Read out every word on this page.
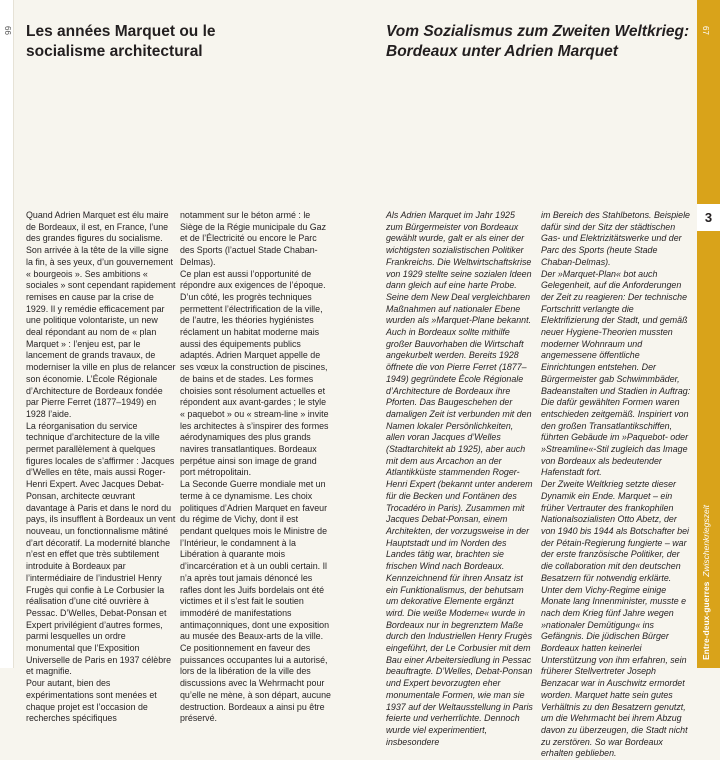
66	67
3
Entre-deux-guerres  Zwischenkriegszeit
Les années Marquet ou le
socialisme architectural
Vom Sozialismus zum Zweiten Weltkrieg:
Bordeaux unter Adrien Marquet

Quand Adrien Marquet est élu maire de Bordeaux, il est, en France, l’une des grandes figures du socialisme. Son arrivée à la tête de la ville signe la fin, à ses yeux, d’un gouvernement « bourgeois ». Ses ambitions « sociales » sont cependant rapidement remises en cause par la crise de 1929. Il y remédie efficacement par une politique volontariste, un new deal répondant au nom de « plan Marquet » : l’enjeu est, par le lancement de grands travaux, de moderniser la ville en plus de relancer son économie. L’École Régionale d’Architecture de Bordeaux fondée par Pierre Ferret (1877–1949) en 1928 l’aide.

La réorganisation du service technique d’architecture de la ville permet parallèlement à quelques figures locales de s’affirmer : Jacques d’Welles en tête, mais aussi Roger-Henri Expert. Avec Jacques Debat-Ponsan, architecte œuvrant davantage à Paris et dans le nord du pays, ils insufflent à Bordeaux un vent nouveau, un fonctionnalisme mâtiné d’art décoratif. La modernité blanche n’est en effet que très subtilement introduite à Bordeaux par l’intermédiaire de l’industriel Henry Frugès qui confie à Le Corbusier la réalisation d’une cité ouvrière à Pessac. D’Welles, Debat-Ponsan et Expert privilégient d’autres formes, parmi lesquelles un ordre monumental que l’Exposition Universelle de Paris en 1937 célèbre et magnifie.

Pour autant, bien des expérimentations sont menées et chaque projet est l’occasion de recherches spécifiques

notamment sur le béton armé : le Siège de la Régie municipale du Gaz et de l’Électricité ou encore le Parc des Sports (l’actuel Stade Chaban-Delmas).

Ce plan est aussi l’opportunité de répondre aux exigences de l’époque. D’un côté, les progrès techniques permettent l’électrification de la ville, de l’autre, les théories hygiénistes réclament un habitat moderne mais aussi des équipements publics adaptés. Adrien Marquet appelle de ses vœux la construction de piscines, de bains et de stades. Les formes choisies sont résolument actuelles et répondent aux avant-gardes ; le style « paquebot » ou « stream-line » invite les architectes à s’inspirer des formes aérodynamiques des plus grands navires transatlantiques. Bordeaux perpétue ainsi son image de grand port métropolitain.

La Seconde Guerre mondiale met un terme à ce dynamisme. Les choix politiques d’Adrien Marquet en faveur du régime de Vichy, dont il est pendant quelques mois le Ministre de l’Intérieur, le condamnent à la Libération à quarante mois d’incarcération et à un oubli certain. Il n’a après tout jamais dénoncé les rafles dont les Juifs bordelais ont été victimes et il s’est fait le soutien immodéré de manifestations antimaçonniques, dont une exposition au musée des Beaux-arts de la ville. Ce positionnement en faveur des puissances occupantes lui a autorisé, lors de la libération de la ville des discussions avec la Wehrmacht pour qu’elle ne mène, à son départ, aucune destruction. Bordeaux a ainsi pu être préservé.

Als Adrien Marquet im Jahr 1925 zum Bürgermeister von Bordeaux gewählt wurde, galt er als einer der wichtigsten sozialistischen Politiker Frankreichs. Die Weltwirtschaftskrise von 1929 stellte seine sozialen Ideen dann gleich auf eine harte Probe. Seine dem New Deal vergleichbaren Maßnahmen auf nationaler Ebene wurden als »Marquet-Plane bekannt. Auch in Bordeaux sollte mithilfe großer Bauvorhaben die Wirtschaft angekurbelt werden. Bereits 1928 öffnete die von Pierre Ferret (1877–1949) gegründete École Régionale d’Architecture de Bordeaux ihre Pforten. Das Baugeschehen der damaligen Zeit ist verbunden mit den Namen lokaler Persönlichkeiten, allen voran Jacques d’Welles (Stadtarchitekt ab 1925), aber auch mit dem aus Arcachon an der Atlantikküste stammenden Roger-Henri Expert (bekannt unter anderem für die Becken und Fontänen des Trocadéro in Paris). Zusammen mit Jacques Debat-Ponsan, einem Architekten, der vorzugsweise in der Hauptstadt und im Norden des Landes tätig war, brachten sie frischen Wind nach Bordeaux. Kennzeichnend für ihren Ansatz ist ein Funktionalismus, der behutsam um dekorative Elemente ergänzt wird. Die weiße Moderne« wurde in Bordeaux nur in begrenztem Maße durch den Industriellen Henry Frugès eingeführt, der Le Corbusier mit dem Bau einer Arbeitersiedlung in Pessac beauftragte. D’Welles, Debat-Ponsan und Expert bevorzugten eher monumentale Formen, wie man sie 1937 auf der Weltausstellung in Paris feierte und verherrlichte. Dennoch wurde viel experimentiert, insbesondere

im Bereich des Stahlbetons. Beispiele dafür sind der Sitz der städtischen Gas- und Elektrizitätswerke und der Parc des Sports (heute Stade Chaban-Delmas).

Der »Marquet-Plan« bot auch Gelegenheit, auf die Anforderungen der Zeit zu reagieren: Der technische Fortschritt verlangte die Elektrifizierung der Stadt, und gemäß neuer Hygiene-Theorien mussten moderner Wohnraum und angemessene öffentliche Einrichtungen entstehen. Der Bürgermeister gab Schwimmbäder, Badeanstalten und Stadien in Auftrag: Die dafür gewählten Formen waren entschieden zeitgemäß. Inspiriert von den großen Transatlantikschiffen, führten Gebäude im »Paquebot- oder »Streamline«-Stil zugleich das Image von Bordeaux als bedeutender Hafenstadt fort.

Der Zweite Weltkrieg setzte dieser Dynamik ein Ende. Marquet – ein früher Vertrauter des frankophilen Nationalsozialisten Otto Abetz, der von 1940 bis 1944 als Botschafter bei der Pétain-Regierung fungierte – war der erste französische Politiker, der die collaboration mit den deutschen Besatzern für notwendig erklärte. Unter dem Vichy-Regime einige Monate lang Innenminister, musste e nach dem Krieg fünf Jahre wegen »nationaler Demütigung« ins Gefängnis. Die jüdischen Bürger Bordeaux hatten keinerlei Unterstützung von ihm erfahren, sein früherer Stellvertreter Joseph Benzacar war in Auschwitz ermordet worden. Marquet hatte sein gutes Verhältnis zu den Besatzern genutzt, um die Wehrmacht bei ihrem Abzug davon zu überzeugen, die Stadt nicht zu zerstören. So war Bordeaux erhalten geblieben.
